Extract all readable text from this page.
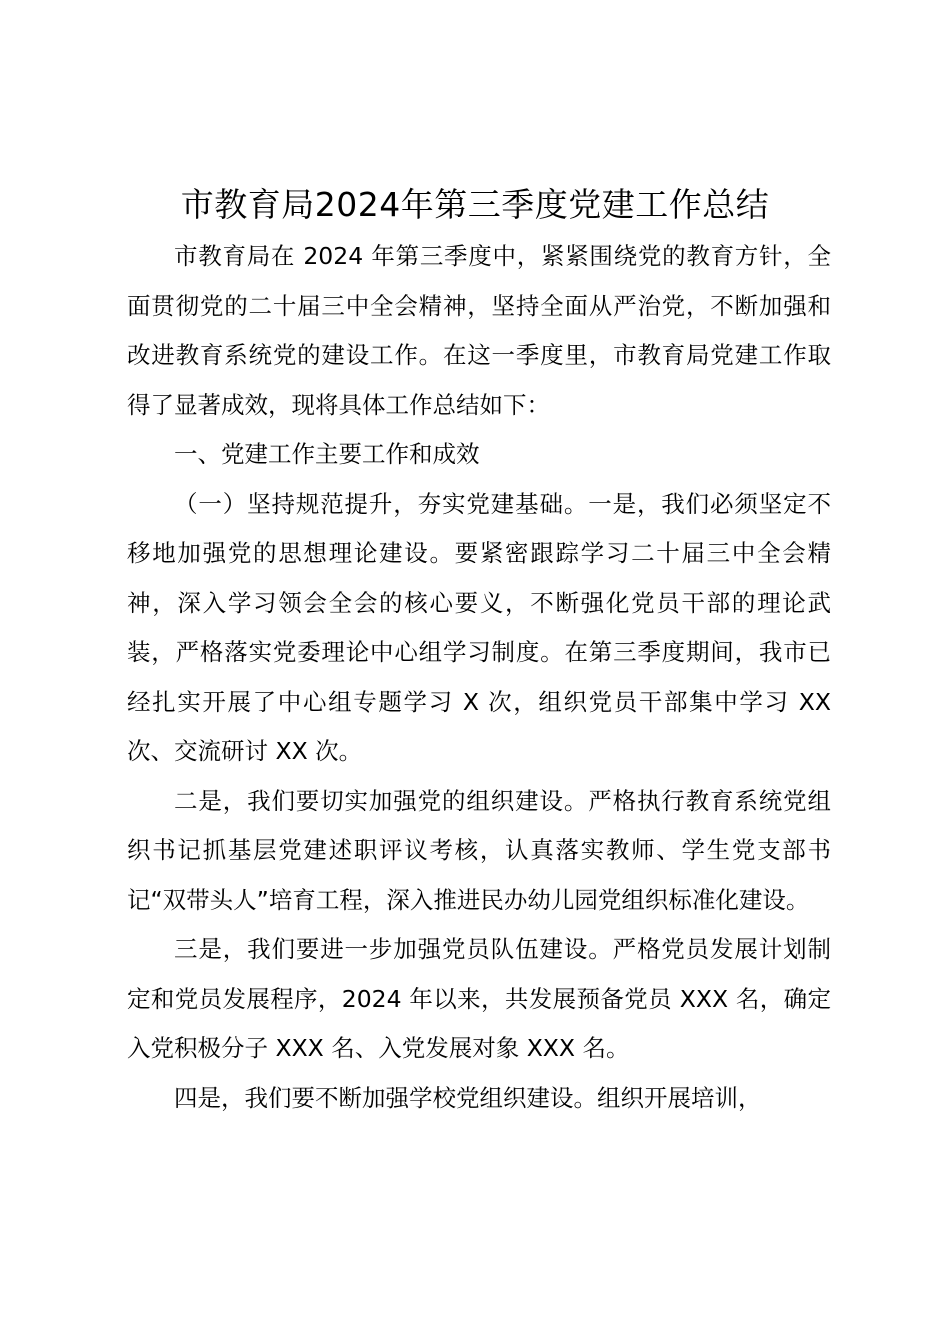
市教育局2024年第三季度党建工作总结

市教育局在 2024 年第三季度中，紧紧围绕党的教育方针，全面贯彻党的二十届三中全会精神，坚持全面从严治党，不断加强和改进教育系统党的建设工作。在这一季度里，市教育局党建工作取得了显著成效，现将具体工作总结如下：

一、党建工作主要工作和成效

（一）坚持规范提升，夯实党建基础。一是，我们必须坚定不移地加强党的思想理论建设。要紧密跟踪学习二十届三中全会精神，深入学习领会全会的核心要义，不断强化党员干部的理论武装，严格落实党委理论中心组学习制度。在第三季度期间，我市已经扎实开展了中心组专题学习 X 次，组织党员干部集中学习 XX 次、交流研讨 XX 次。

二是，我们要切实加强党的组织建设。严格执行教育系统党组织书记抓基层党建述职评议考核，认真落实教师、学生党支部书记“双带头人”培育工程，深入推进民办幼儿园党组织标准化建设。

三是，我们要进一步加强党员队伍建设。严格党员发展计划制定和党员发展程序，2024 年以来，共发展预备党员 XXX 名，确定入党积极分子 XXX 名、入党发展对象 XXX 名。

四是，我们要不断加强学校党组织建设。组织开展培训，
